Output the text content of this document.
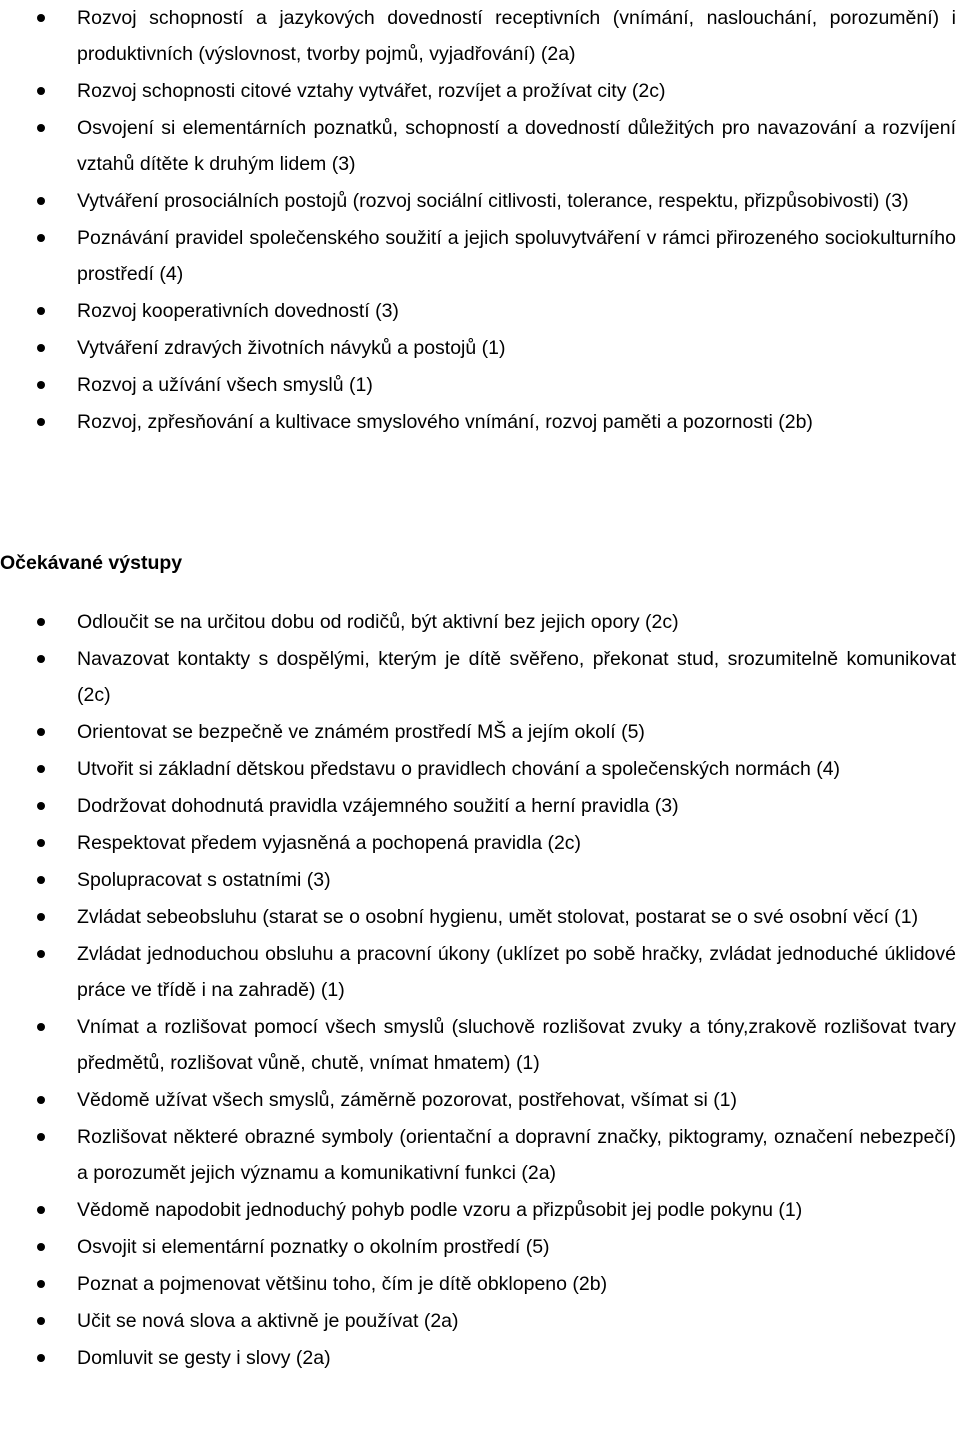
Rozvoj schopností a jazykových dovedností receptivních (vnímání, naslouchání, porozumění) i produktivních (výslovnost, tvorby pojmů, vyjadřování) (2a)
Rozvoj schopnosti citové vztahy vytvářet, rozvíjet a prožívat city (2c)
Osvojení si elementárních poznatků, schopností a dovedností důležitých pro navazování a rozvíjení vztahů dítěte k druhým lidem (3)
Vytváření prosociálních postojů (rozvoj sociální citlivosti, tolerance, respektu, přizpůsobivosti) (3)
Poznávání pravidel společenského soužití a jejich spoluvytváření v rámci přirozeného sociokulturního prostředí (4)
Rozvoj kooperativních dovedností (3)
Vytváření zdravých životních návyků a postojů (1)
Rozvoj a užívání všech smyslů (1)
Rozvoj, zpřesňování a kultivace smyslového vnímání, rozvoj paměti a pozornosti (2b)
Očekávané výstupy
Odloučit se na určitou dobu od rodičů, být aktivní bez jejich opory (2c)
Navazovat kontakty s dospělými, kterým je dítě svěřeno, překonat stud, srozumitelně komunikovat (2c)
Orientovat se bezpečně ve známém prostředí MŠ a jejím okolí (5)
Utvořit si základní dětskou představu o pravidlech chování a společenských normách (4)
Dodržovat dohodnutá pravidla vzájemného soužití a herní pravidla (3)
Respektovat předem vyjasněná a pochopená pravidla (2c)
Spolupracovat s ostatními (3)
Zvládat sebeobsluhu (starat se o osobní hygienu, umět stolovat, postarat se o své osobní věcí (1)
Zvládat jednoduchou obsluhu a pracovní úkony (uklízet po sobě hračky, zvládat jednoduché úklidové práce ve třídě i na zahradě) (1)
Vnímat a rozlišovat pomocí všech smyslů (sluchově rozlišovat zvuky a tóny,zrakově rozlišovat tvary předmětů, rozlišovat vůně, chutě, vnímat hmatem) (1)
Vědomě užívat všech smyslů, záměrně pozorovat, postřehovat, všímat si (1)
Rozlišovat některé obrazné symboly (orientační a dopravní značky, piktogramy, označení nebezpečí) a porozumět jejich významu a komunikativní funkci (2a)
Vědomě napodobit jednoduchý pohyb podle vzoru a přizpůsobit jej podle pokynu (1)
Osvojit si elementární poznatky o okolním prostředí (5)
Poznat a pojmenovat většinu toho, čím je dítě obklopeno (2b)
Učit se nová slova a aktivně je používat (2a)
Domluvit se gesty i slovy (2a)
